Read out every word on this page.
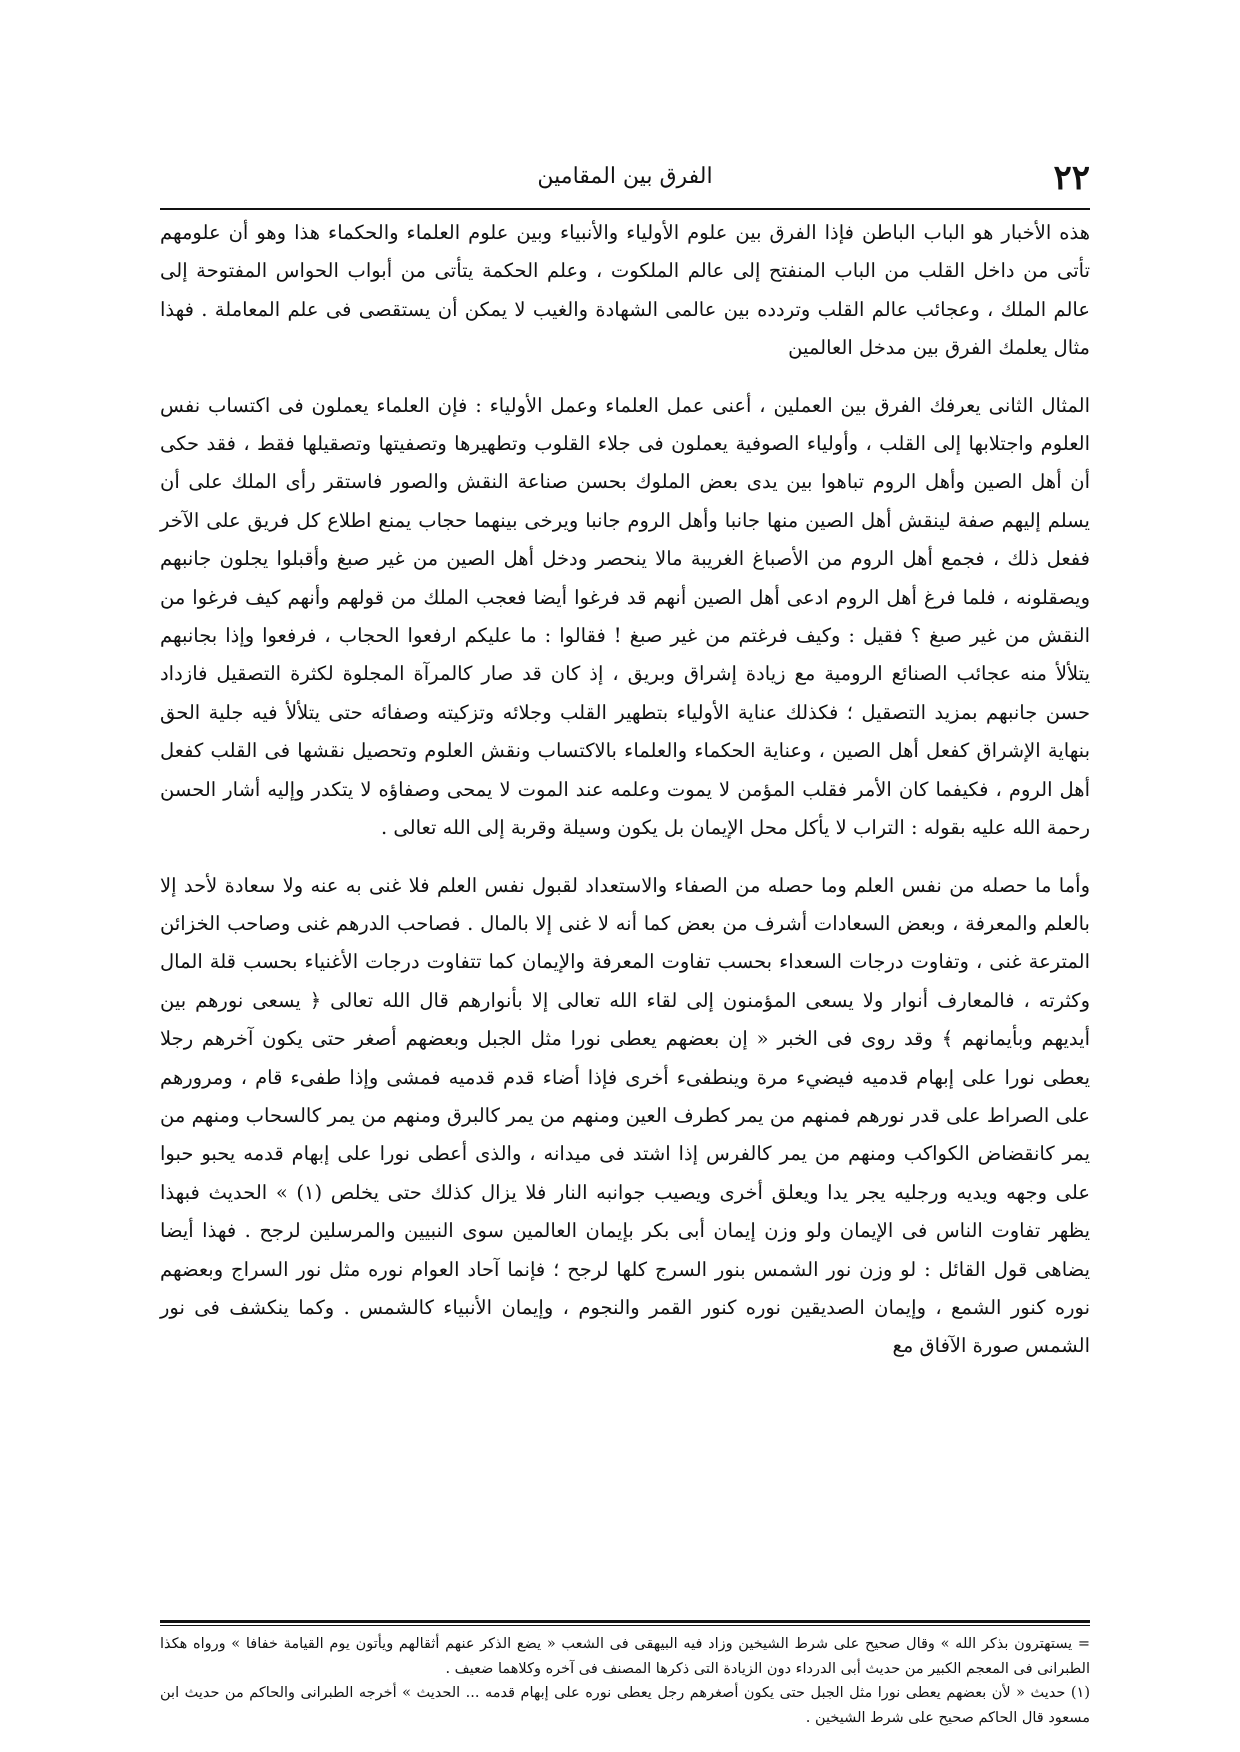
٢٢
الفرق بين المقامين

هذه الأخبار هو الباب الباطن فإذا الفرق بين علوم الأولياء والأنبياء وبين علوم العلماء والحكماء هذا وهو أن علومهم تأتى من داخل القلب من الباب المنفتح إلى عالم الملكوت ، وعلم الحكمة يتأتى من أبواب الحواس المفتوحة إلى عالم الملك ، وعجائب عالم القلب وتردده بين عالمى الشهادة والغيب لا يمكن أن يستقصى فى علم المعاملة . فهذا مثال يعلمك الفرق بين مدخل العالمين

المثال الثانى يعرفك الفرق بين العملين ، أعنى عمل العلماء وعمل الأولياء : فإن العلماء يعملون فى اكتساب نفس العلوم واجتلابها إلى القلب ، وأولياء الصوفية يعملون فى جلاء القلوب وتطهيرها وتصفيتها وتصقيلها فقط ، فقد حكى أن أهل الصين وأهل الروم تباهوا بين يدى بعض الملوك بحسن صناعة النقش والصور فاستقر رأى الملك على أن يسلم إليهم صفة لينقش أهل الصين منها جانبا وأهل الروم جانبا ويرخى بينهما حجاب يمنع اطلاع كل فريق على الآخر ففعل ذلك ، فجمع أهل الروم من الأصباغ الغريبة مالا ينحصر ودخل أهل الصين من غير صبغ وأقبلوا يجلون جانبهم ويصقلونه ، فلما فرغ أهل الروم ادعى أهل الصين أنهم قد فرغوا أيضا فعجب الملك من قولهم وأنهم كيف فرغوا من النقش من غير صبغ ؟ فقيل : وكيف فرغتم من غير صبغ ! فقالوا : ما عليكم ارفعوا الحجاب ، فرفعوا وإذا بجانبهم يتلألأ منه عجائب الصنائع الرومية مع زيادة إشراق وبريق ، إذ كان قد صار كالمرآة المجلوة لكثرة التصقيل فازداد حسن جانبهم بمزيد التصقيل ؛ فكذلك عناية الأولياء بتطهير القلب وجلائه وتزكيته وصفائه حتى يتلألأ فيه جلية الحق بنهاية الإشراق كفعل أهل الصين ، وعناية الحكماء والعلماء بالاكتساب ونقش العلوم وتحصيل نقشها فى القلب كفعل أهل الروم ، فكيفما كان الأمر فقلب المؤمن لا يموت وعلمه عند الموت لا يمحى وصفاؤه لا يتكدر وإليه أشار الحسن رحمة الله عليه بقوله : التراب لا يأكل محل الإيمان بل يكون وسيلة وقربة إلى الله تعالى .

وأما ما حصله من نفس العلم وما حصله من الصفاء والاستعداد لقبول نفس العلم فلا غنى به عنه ولا سعادة لأحد إلا بالعلم والمعرفة ، وبعض السعادات أشرف من بعض كما أنه لا غنى إلا بالمال . فصاحب الدرهم غنى وصاحب الخزائن المترعة غنى ، وتفاوت درجات السعداء بحسب تفاوت المعرفة والإيمان كما تتفاوت درجات الأغنياء بحسب قلة المال وكثرته ، فالمعارف أنوار ولا يسعى المؤمنون إلى لقاء الله تعالى إلا بأنوارهم قال الله تعالى ﴿ يسعى نورهم بين أيديهم وبأيمانهم ﴾ وقد روى فى الخبر « إن بعضهم يعطى نورا مثل الجبل وبعضهم أصغر حتى يكون آخرهم رجلا يعطى نورا على إبهام قدميه فيضيء مرة وينطفىء أخرى فإذا أضاء قدم قدميه فمشى وإذا طفىء قام ، ومرورهم على الصراط على قدر نورهم فمنهم من يمر كطرف العين ومنهم من يمر كالبرق ومنهم من يمر كالسحاب ومنهم من يمر كانقضاض الكواكب ومنهم من يمر كالفرس إذا اشتد فى ميدانه ، والذى أعطى نورا على إبهام قدمه يحبو حبوا على وجهه ويديه ورجليه يجر يدا ويعلق أخرى ويصيب جوانبه النار فلا يزال كذلك حتى يخلص (١) » الحديث فبهذا يظهر تفاوت الناس فى الإيمان ولو وزن إيمان أبى بكر بإيمان العالمين سوى النبيين والمرسلين لرجح . فهذا أيضا يضاهى قول القائل : لو وزن نور الشمس بنور السرج كلها لرجح ؛ فإنما آحاد العوام نوره مثل نور السراج وبعضهم نوره كنور الشمع ، وإيمان الصديقين نوره كنور القمر والنجوم ، وإيمان الأنبياء كالشمس . وكما ينكشف فى نور الشمس صورة الآفاق مع

= يستهترون بذكر الله » وقال صحيح على شرط الشيخين وزاد فيه البيهقى فى الشعب « يضع الذكر عنهم أثقالهم ويأتون يوم القيامة خفافا » ورواه هكذا الطبرانى فى المعجم الكبير من حديث أبى الدرداء دون الزيادة التى ذكرها المصنف فى آخره وكلاهما ضعيف .

(١) حديث « لأن بعضهم يعطى نورا مثل الجبل حتى يكون أصغرهم رجل يعطى نوره على إبهام قدمه ... الحديث » أخرجه الطبرانى والحاكم من حديث ابن مسعود قال الحاكم صحيح على شرط الشيخين .
